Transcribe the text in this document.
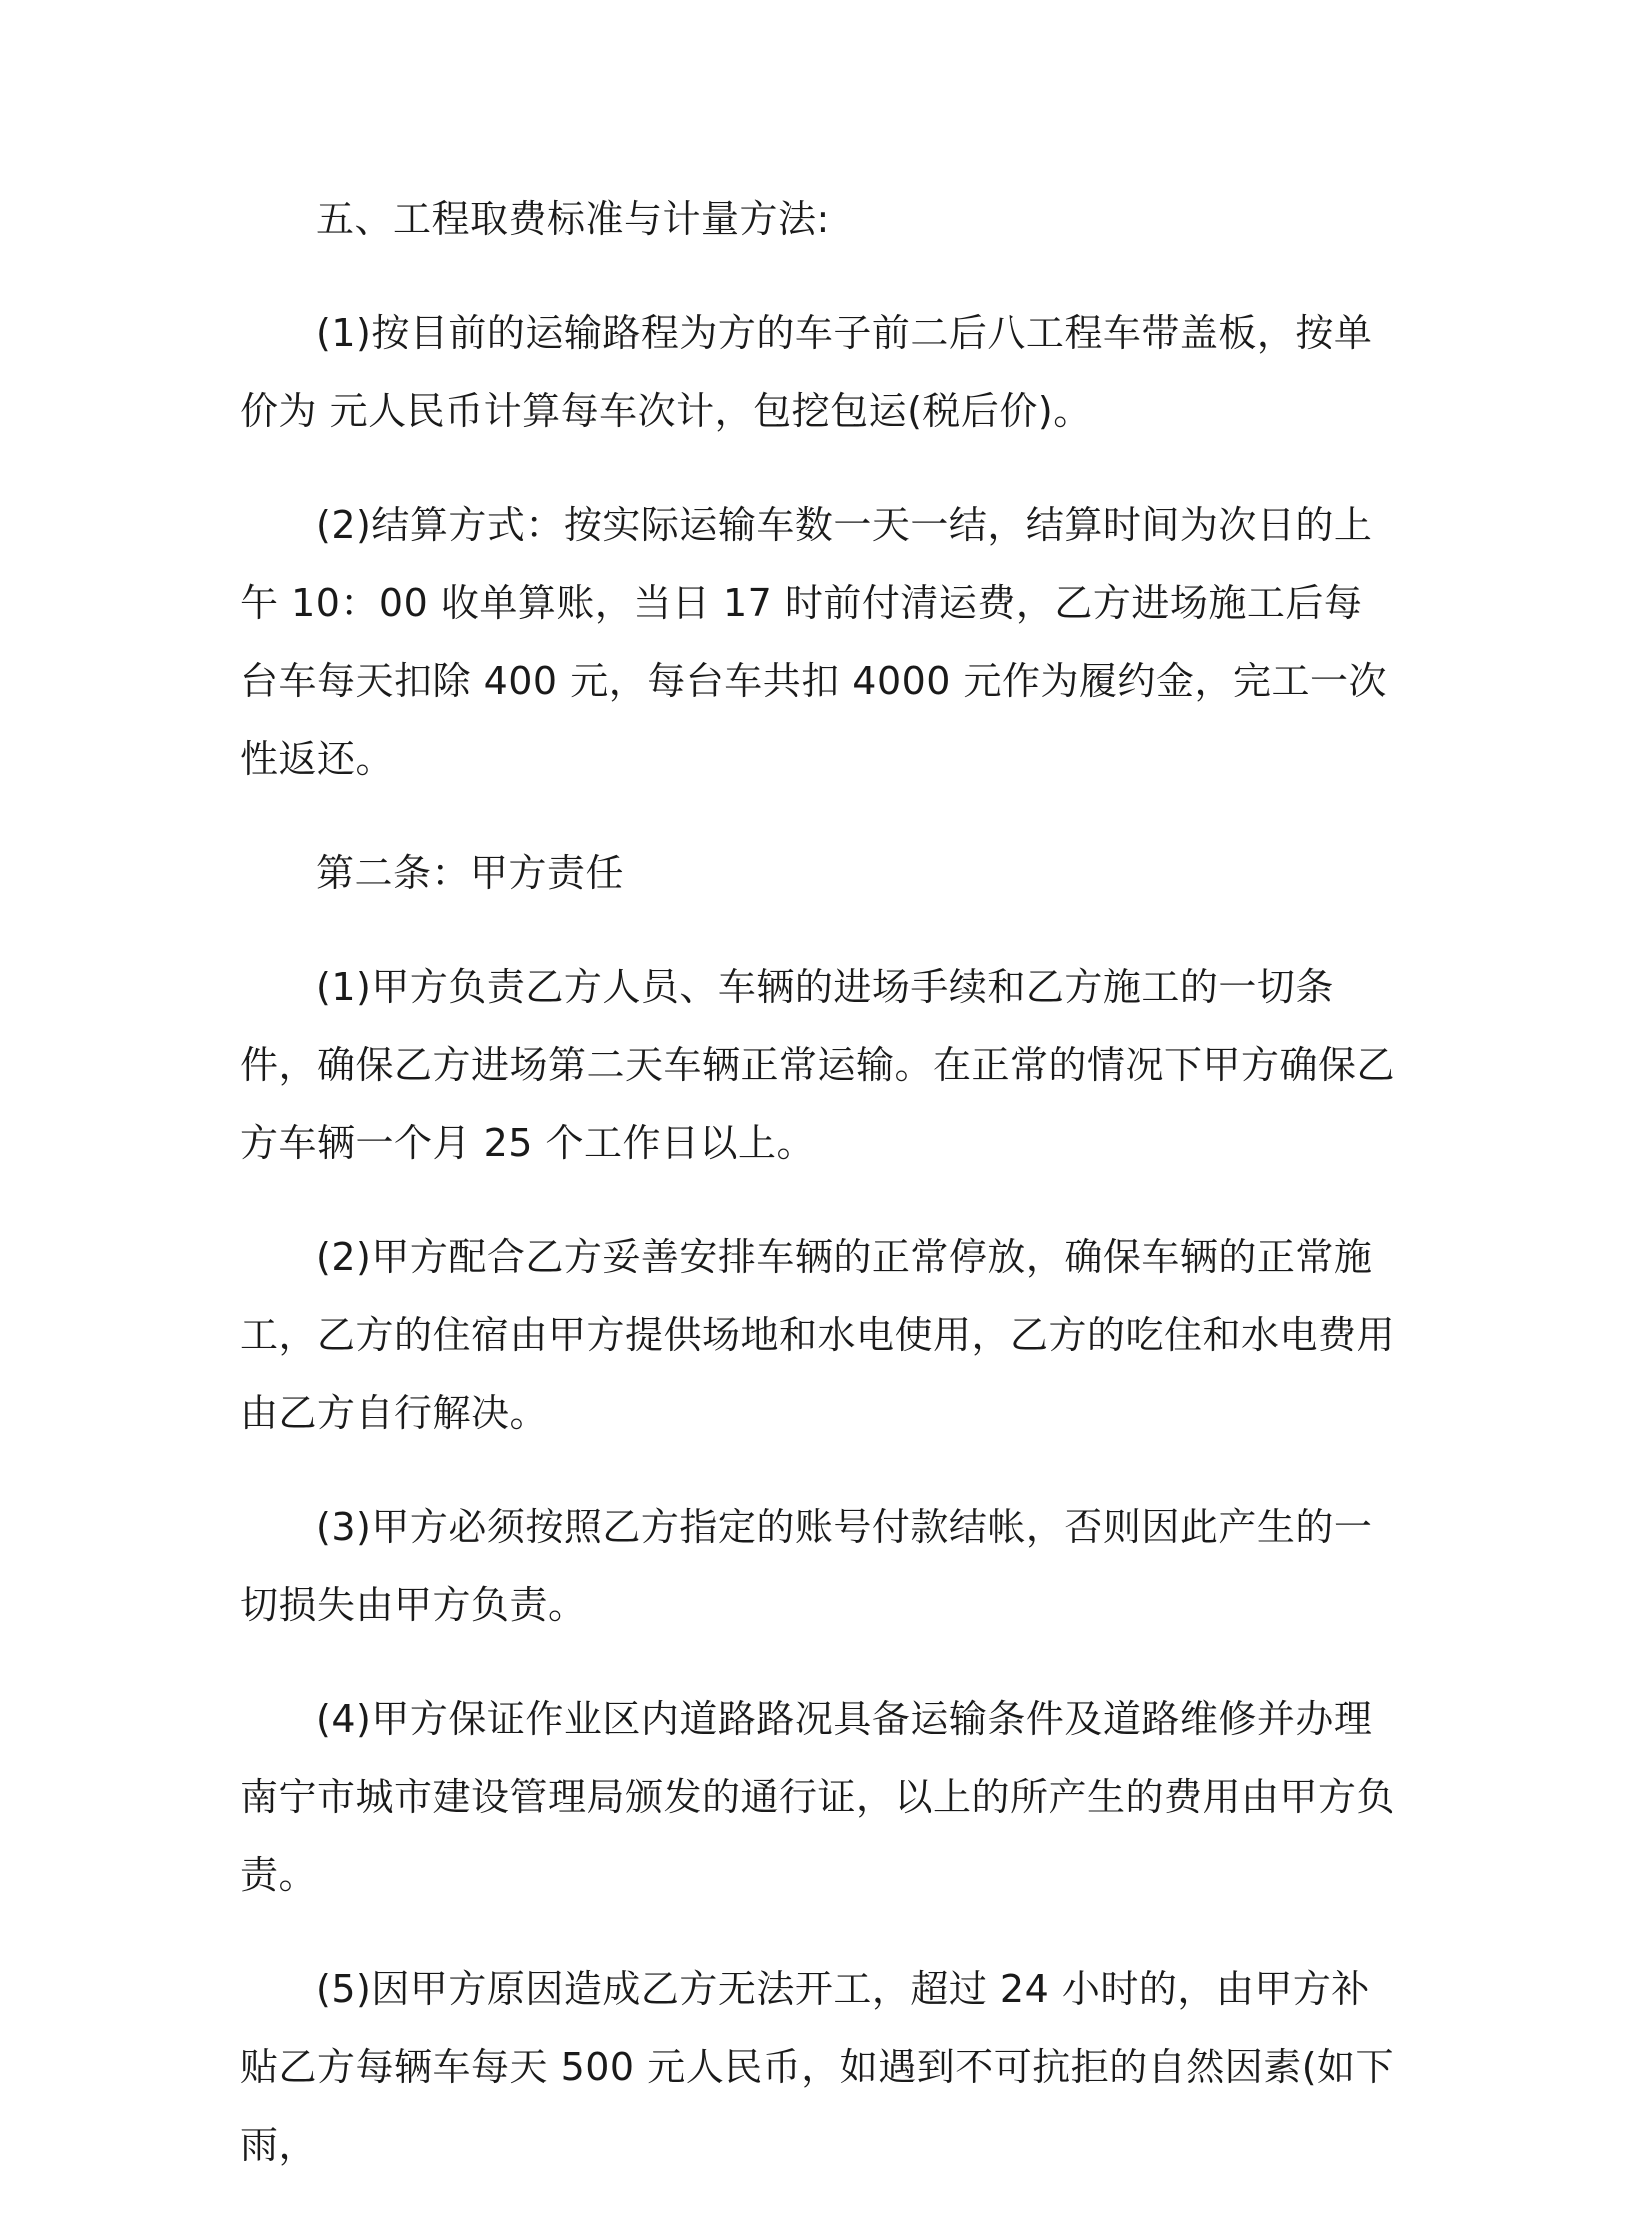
五、工程取费标准与计量方法:

(1)按目前的运输路程为方的车子前二后八工程车带盖板，按单价为 元人民币计算每车次计，包挖包运(税后价)。

(2)结算方式：按实际运输车数一天一结，结算时间为次日的上午 10：00 收单算账，当日 17 时前付清运费，乙方进场施工后每台车每天扣除 400 元，每台车共扣 4000 元作为履约金，完工一次性返还。

第二条：甲方责任

(1)甲方负责乙方人员、车辆的进场手续和乙方施工的一切条件，确保乙方进场第二天车辆正常运输。在正常的情况下甲方确保乙方车辆一个月 25 个工作日以上。

(2)甲方配合乙方妥善安排车辆的正常停放，确保车辆的正常施工，乙方的住宿由甲方提供场地和水电使用，乙方的吃住和水电费用由乙方自行解决。

(3)甲方必须按照乙方指定的账号付款结帐，否则因此产生的一切损失由甲方负责。

(4)甲方保证作业区内道路路况具备运输条件及道路维修并办理南宁市城市建设管理局颁发的通行证，以上的所产生的费用由甲方负责。

(5)因甲方原因造成乙方无法开工，超过 24 小时的，由甲方补贴乙方每辆车每天 500 元人民币，如遇到不可抗拒的自然因素(如下雨，
